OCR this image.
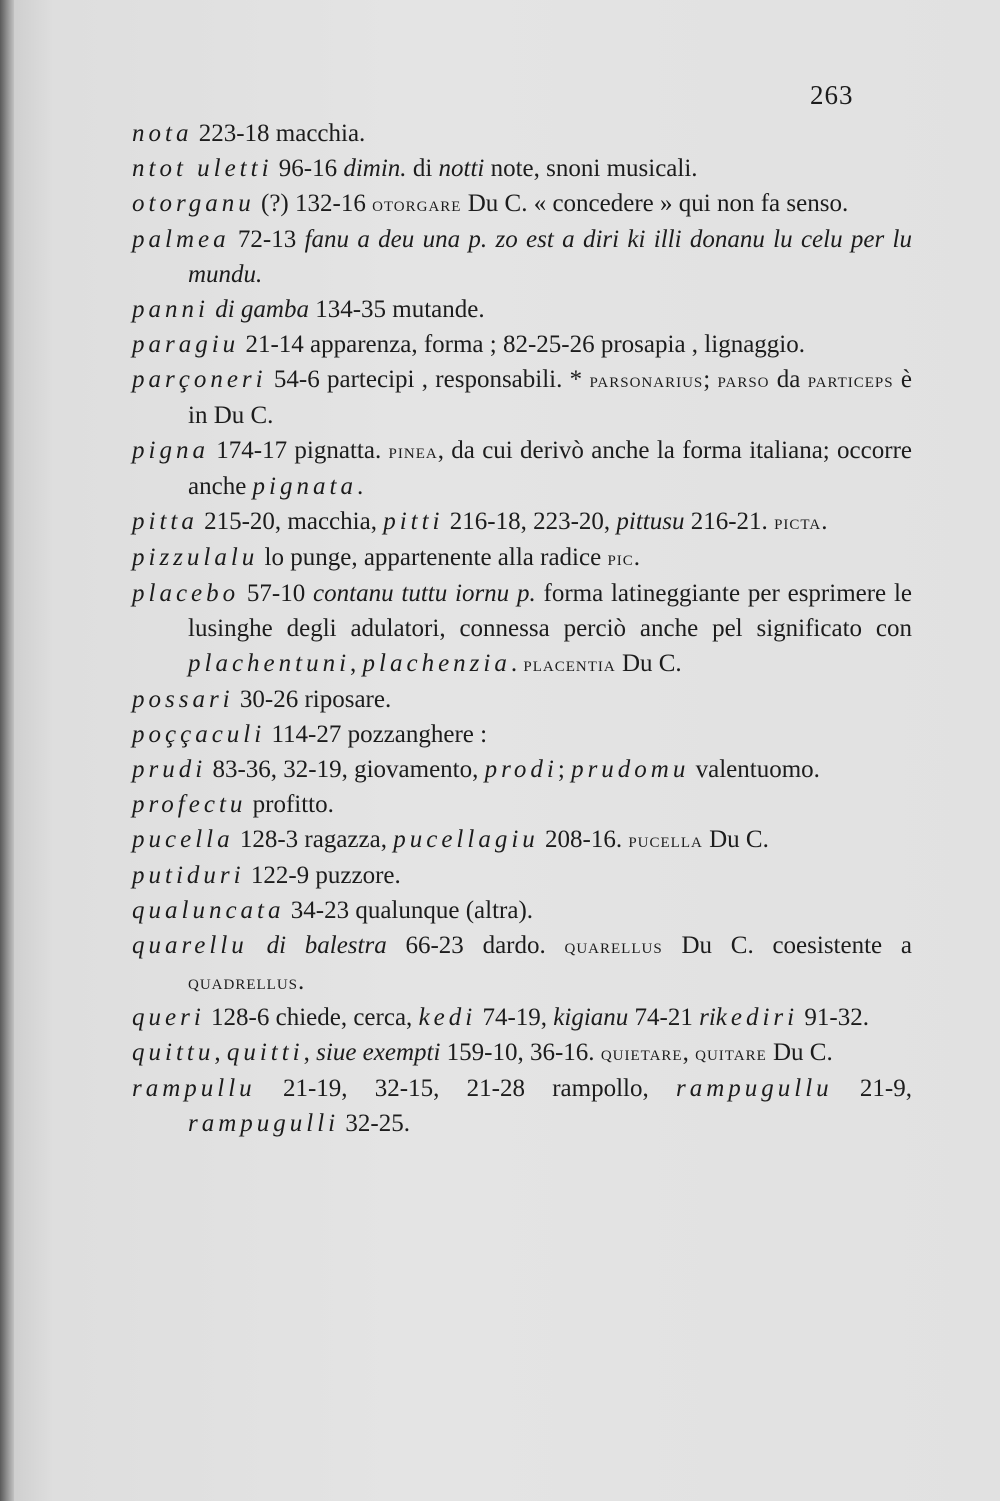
263
nota 223-18 macchia.
ntot uletti 96-16 dimin. di notti note, snoni musicali.
otorganu (?) 132-16 otorgare Du C. « concedere » qui non fa senso.
palmea 72-13 fanu a deu una p. zo est a diri ki illi donanu lu celu per lu mundu.
panni di gamba 134-35 mutande.
paragiu 21-14 apparenza, forma ; 82-25-26 prosapia , lignaggio.
parçoneri 54-6 partecipi , responsabili. * parsonarius; parso da particeps è in Du C.
pigna 174-17 pignatta. pinea, da cui derivò anche la forma italiana; occorre anche pignata.
pitta 215-20, macchia, pitti 216-18, 223-20, pittusu 216-21. picta.
pizzulalu lo punge, appartenente alla radice pic.
placebo 57-10 contanu tuttu iornu p. forma latineggiante per esprimere le lusinghe degli adulatori, connessa perciò anche pel significato con plachentuni, plachenzia. placentia Du C.
possari 30-26 riposare.
poççaculi 114-27 pozzanghere :
prudi 83-36, 32-19, giovamento, prodi; prudomu valentuomo.
profectu profitto.
pucella 128-3 ragazza, pucellagiu 208-16. pucella Du C.
putiduri 122-9 puzzore.
qualuncata 34-23 qualunque (altra).
quarellu di balestra 66-23 dardo. quarellus Du C. coesistente a quadrellus.
queri 128-6 chiede, cerca, kedi 74-19, kigianu 74-21 rikediri 91-32.
quittu, quitti, siue exempti 159-10, 36-16. quietare, quitare Du C.
rampullu 21-19, 32-15, 21-28 rampollo, rampugullu 21-9, rampugulli 32-25.
